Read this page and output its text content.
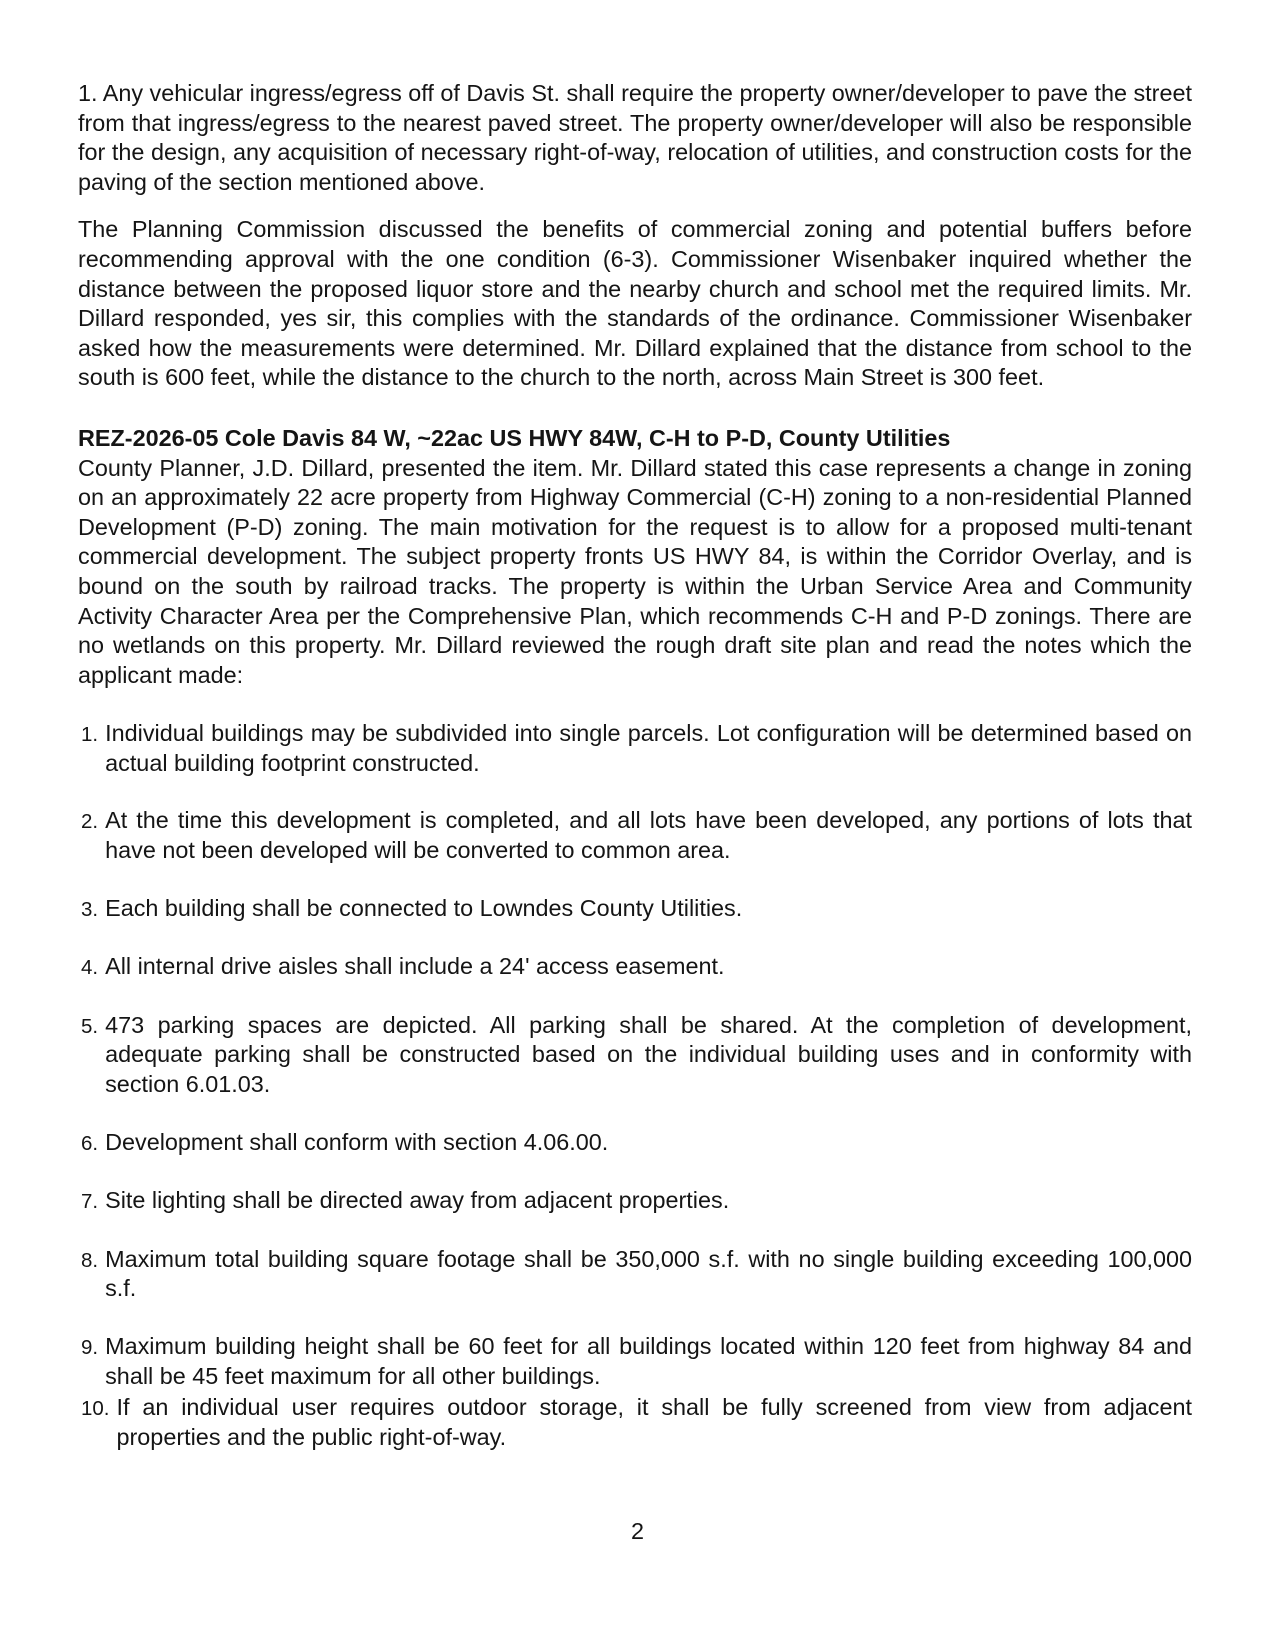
1. Any vehicular ingress/egress off of Davis St. shall require the property owner/developer to pave the street from that ingress/egress to the nearest paved street. The property owner/developer will also be responsible for the design, any acquisition of necessary right-of-way, relocation of utilities, and construction costs for the paving of the section mentioned above.

The Planning Commission discussed the benefits of commercial zoning and potential buffers before recommending approval with the one condition (6-3). Commissioner Wisenbaker inquired whether the distance between the proposed liquor store and the nearby church and school met the required limits. Mr. Dillard responded, yes sir, this complies with the standards of the ordinance. Commissioner Wisenbaker asked how the measurements were determined. Mr. Dillard explained that the distance from school to the south is 600 feet, while the distance to the church to the north, across Main Street is 300 feet.

REZ-2026-05 Cole Davis 84 W, ~22ac US HWY 84W, C-H to P-D, County Utilities

County Planner, J.D. Dillard, presented the item. Mr. Dillard stated this case represents a change in zoning on an approximately 22 acre property from Highway Commercial (C-H) zoning to a non-residential Planned Development (P-D) zoning. The main motivation for the request is to allow for a proposed multi-tenant commercial development. The subject property fronts US HWY 84, is within the Corridor Overlay, and is bound on the south by railroad tracks. The property is within the Urban Service Area and Community Activity Character Area per the Comprehensive Plan, which recommends C-H and P-D zonings. There are no wetlands on this property. Mr. Dillard reviewed the rough draft site plan and read the notes which the applicant made:

1. Individual buildings may be subdivided into single parcels. Lot configuration will be determined based on actual building footprint constructed.
2. At the time this development is completed, and all lots have been developed, any portions of lots that have not been developed will be converted to common area.
3. Each building shall be connected to Lowndes County Utilities.
4. All internal drive aisles shall include a 24' access easement.
5. 473 parking spaces are depicted. All parking shall be shared. At the completion of development, adequate parking shall be constructed based on the individual building uses and in conformity with section 6.01.03.
6. Development shall conform with section 4.06.00.
7. Site lighting shall be directed away from adjacent properties.
8. Maximum total building square footage shall be 350,000 s.f. with no single building exceeding 100,000 s.f.
9. Maximum building height shall be 60 feet for all buildings located within 120 feet from highway 84 and shall be 45 feet maximum for all other buildings.
10. If an individual user requires outdoor storage, it shall be fully screened from view from adjacent properties and the public right-of-way.
2
